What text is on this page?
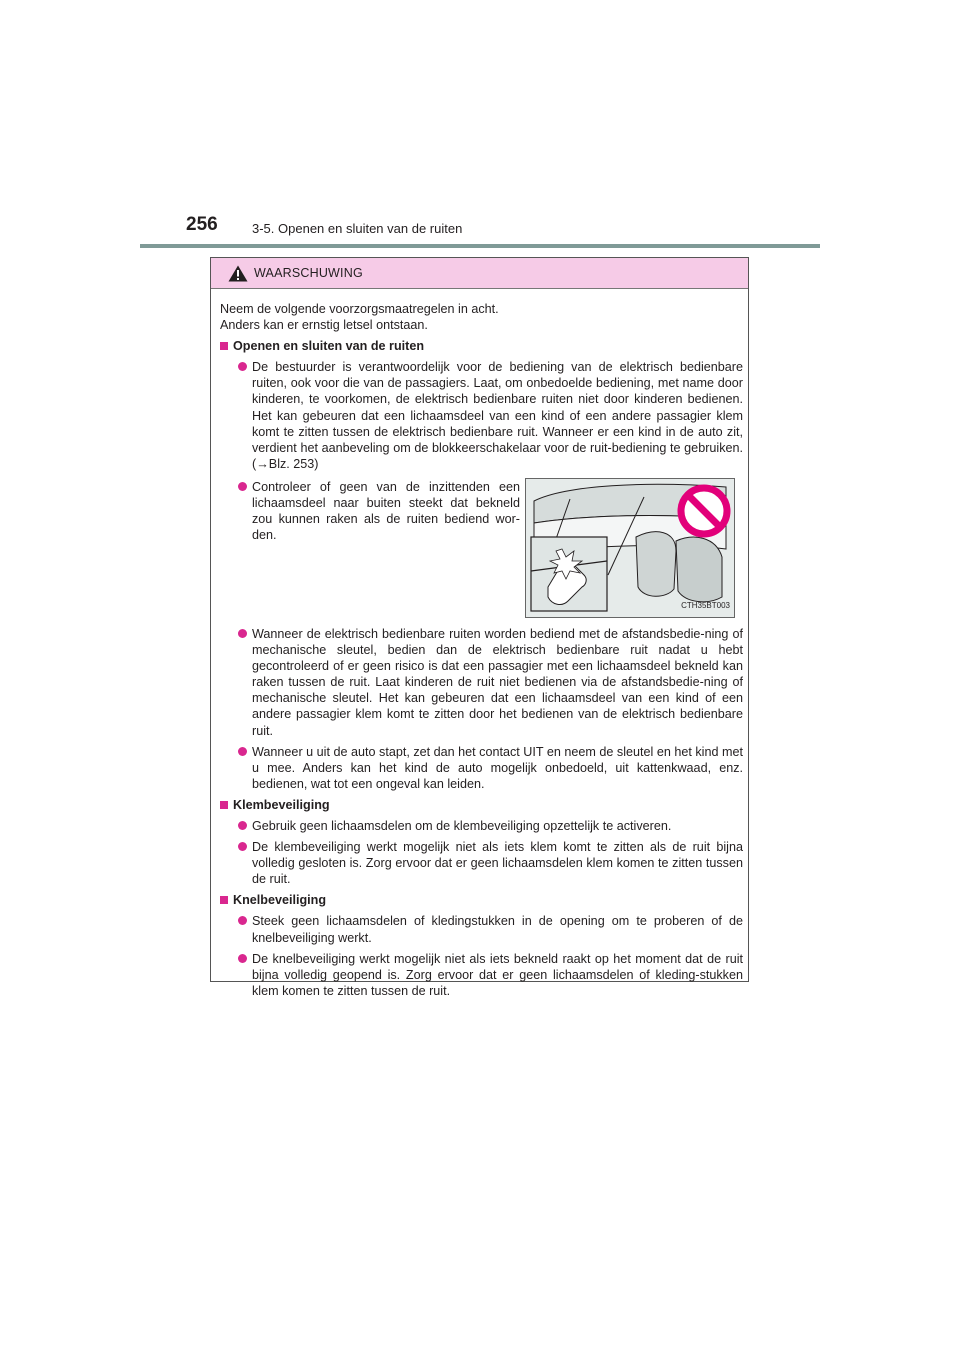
256	3-5. Openen en sluiten van de ruiten
WAARSCHUWING

Neem de volgende voorzorgsmaatregelen in acht.

Anders kan er ernstig letsel ontstaan.

Openen en sluiten van de ruiten
De bestuurder is verantwoordelijk voor de bediening van de elektrisch bedienbare ruiten, ook voor die van de passagiers. Laat, om onbedoelde bediening, met name door kinderen, te voorkomen, de elektrisch bedienbare ruiten niet door kinderen bedienen. Het kan gebeuren dat een lichaamsdeel van een kind of een andere passagier klem komt te zitten tussen de elektrisch bedienbare ruit. Wanneer er een kind in de auto zit, verdient het aanbeveling om de blokkeerschakelaar voor de ruit-bediening te gebruiken. (→Blz. 253)
Controleer of geen van de inzittenden een lichaamsdeel naar buiten steekt dat bekneld zou kunnen raken als de ruiten bediend wor-den.
CTH35BT003
Wanneer de elektrisch bedienbare ruiten worden bediend met de afstandsbedie-ning of mechanische sleutel, bedien dan de elektrisch bedienbare ruit nadat u hebt gecontroleerd of er geen risico is dat een passagier met een lichaamsdeel bekneld kan raken tussen de ruit. Laat kinderen de ruit niet bedienen via de afstandsbedie-ning of mechanische sleutel. Het kan gebeuren dat een lichaamsdeel van een kind of een andere passagier klem komt te zitten door het bedienen van de elektrisch bedienbare ruit.
Wanneer u uit de auto stapt, zet dan het contact UIT en neem de sleutel en het kind met u mee. Anders kan het kind de auto mogelijk onbedoeld, uit kattenkwaad, enz. bedienen, wat tot een ongeval kan leiden.
Klembeveiliging
Gebruik geen lichaamsdelen om de klembeveiliging opzettelijk te activeren.
De klembeveiliging werkt mogelijk niet als iets klem komt te zitten als de ruit bijna volledig gesloten is. Zorg ervoor dat er geen lichaamsdelen klem komen te zitten tussen de ruit.
Knelbeveiliging
Steek geen lichaamsdelen of kledingstukken in de opening om te proberen of de knelbeveiliging werkt.
De knelbeveiliging werkt mogelijk niet als iets bekneld raakt op het moment dat de ruit bijna volledig geopend is. Zorg ervoor dat er geen lichaamsdelen of kleding-stukken klem komen te zitten tussen de ruit.
